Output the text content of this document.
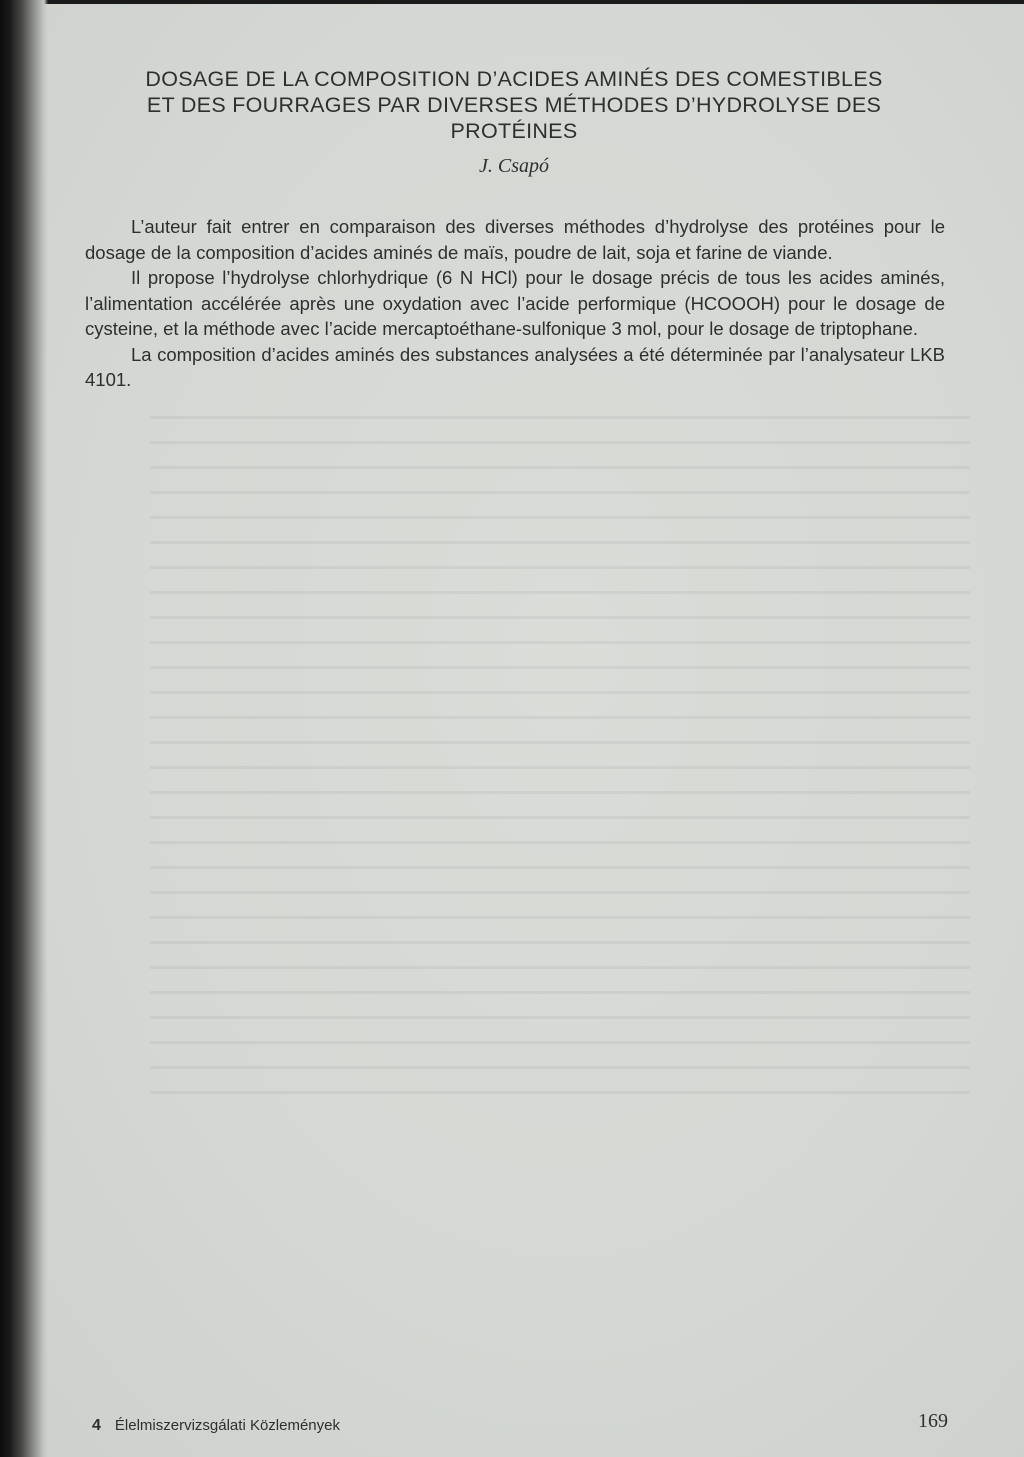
DOSAGE DE LA COMPOSITION D’ACIDES AMINÉS DES COMESTIBLES
ET DES FOURRAGES PAR DIVERSES MÉTHODES D’HYDROLYSE DES
PROTÉINES
J. Csapó

L’auteur fait entrer en comparaison des diverses méthodes d’hydrolyse des protéines pour le dosage de la composition d’acides aminés de maïs, poudre de lait, soja et farine de viande.

Il propose l’hydrolyse chlorhydrique (6 N HCl) pour le dosage précis de tous les acides aminés, l’alimentation accélérée après une oxydation avec l’acide performique (HCOOOH) pour le dosage de cysteine, et la méthode avec l’acide mercaptoéthane-sulfonique 3 mol, pour le dosage de triptophane.

La composition d’acides aminés des substances analysées a été déterminée par l’analysateur LKB 4101.

4 Élelmiszervizsgálati Közlemények	169
